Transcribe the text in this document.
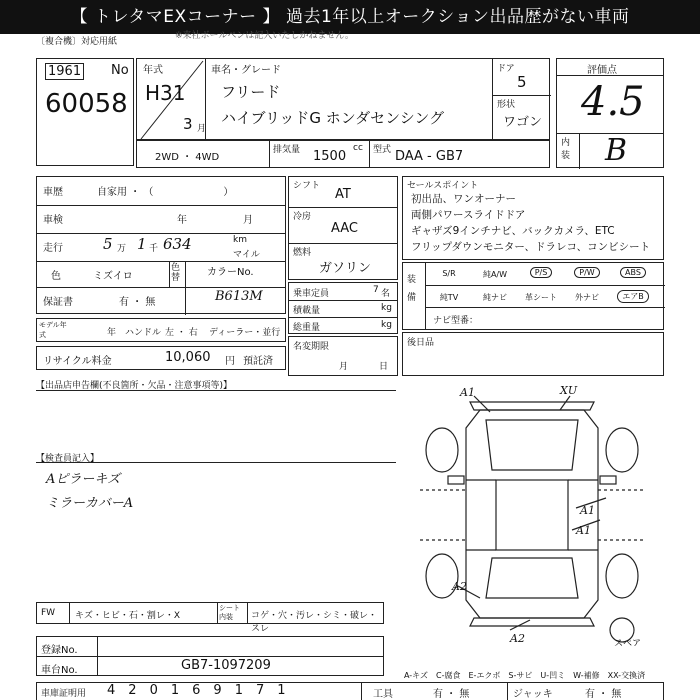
【 トレタマEXコーナー 】 過去1年以上オークション出品歴がない車両
〔複合機〕対応用紙
※来社ボールペンは記入いたしかねません。
1961 No
60058
年式
H31
3 月
車名・グレード
フリード
ハイブリッドG ホンダセンシング
ドア
5
形状
ワゴン
2WD ・ 4WD
排気量 1500
cc 型式 DAA - GB7
評価点
4.5
内装 B
車歴	自家用 ・ （　　　　　　　）
車検	年	月
走行	5 万 1 千 634	km
マイル
色	ミズイロ
色替	カラーNo.
保証書	有 ・ 無	B613M
モデル年式	年 ハンドル 左 ・ 右 ディーラー・並行
リサイクル料金	10,060 円 預託済
シフト
AT
冷房
AAC
燃料
ガソリン
乗車定員	7 名
積載量	kg
総重量	kg
名変期限
月	日
セールスポイント
初出品、ワンオーナー
両側パワースライドドア
ギャザズ9インチナビ、バックカメラ、ETC
フリップダウンモニター、ドラレコ、コンビシート
装備
S/R	純A/W	P/S	P/W	ABS
純TV	純ナビ	革シート	外ナビ	エアB
ナビ型番：
後日品
【出品店申告欄(不良箇所・欠品・注意事項等)】
【検査員記入】
Aピラーキズ
ミラーカバーA
A1	XU
A1
A1
A2
A2	スペア
FW キズ・ヒビ・石・割レ・X
シート内装	コゲ・穴・汚レ・シミ・破レ・スレ
登録No.
車台No.	GB7-1097209
A-キズ　C-腐食　E-エクボ　S-サビ　U-凹ミ　W-補修　XX-交換済
車庫証明用 420169171	工具	有 ・ 無	ジャッキ	有 ・ 無
